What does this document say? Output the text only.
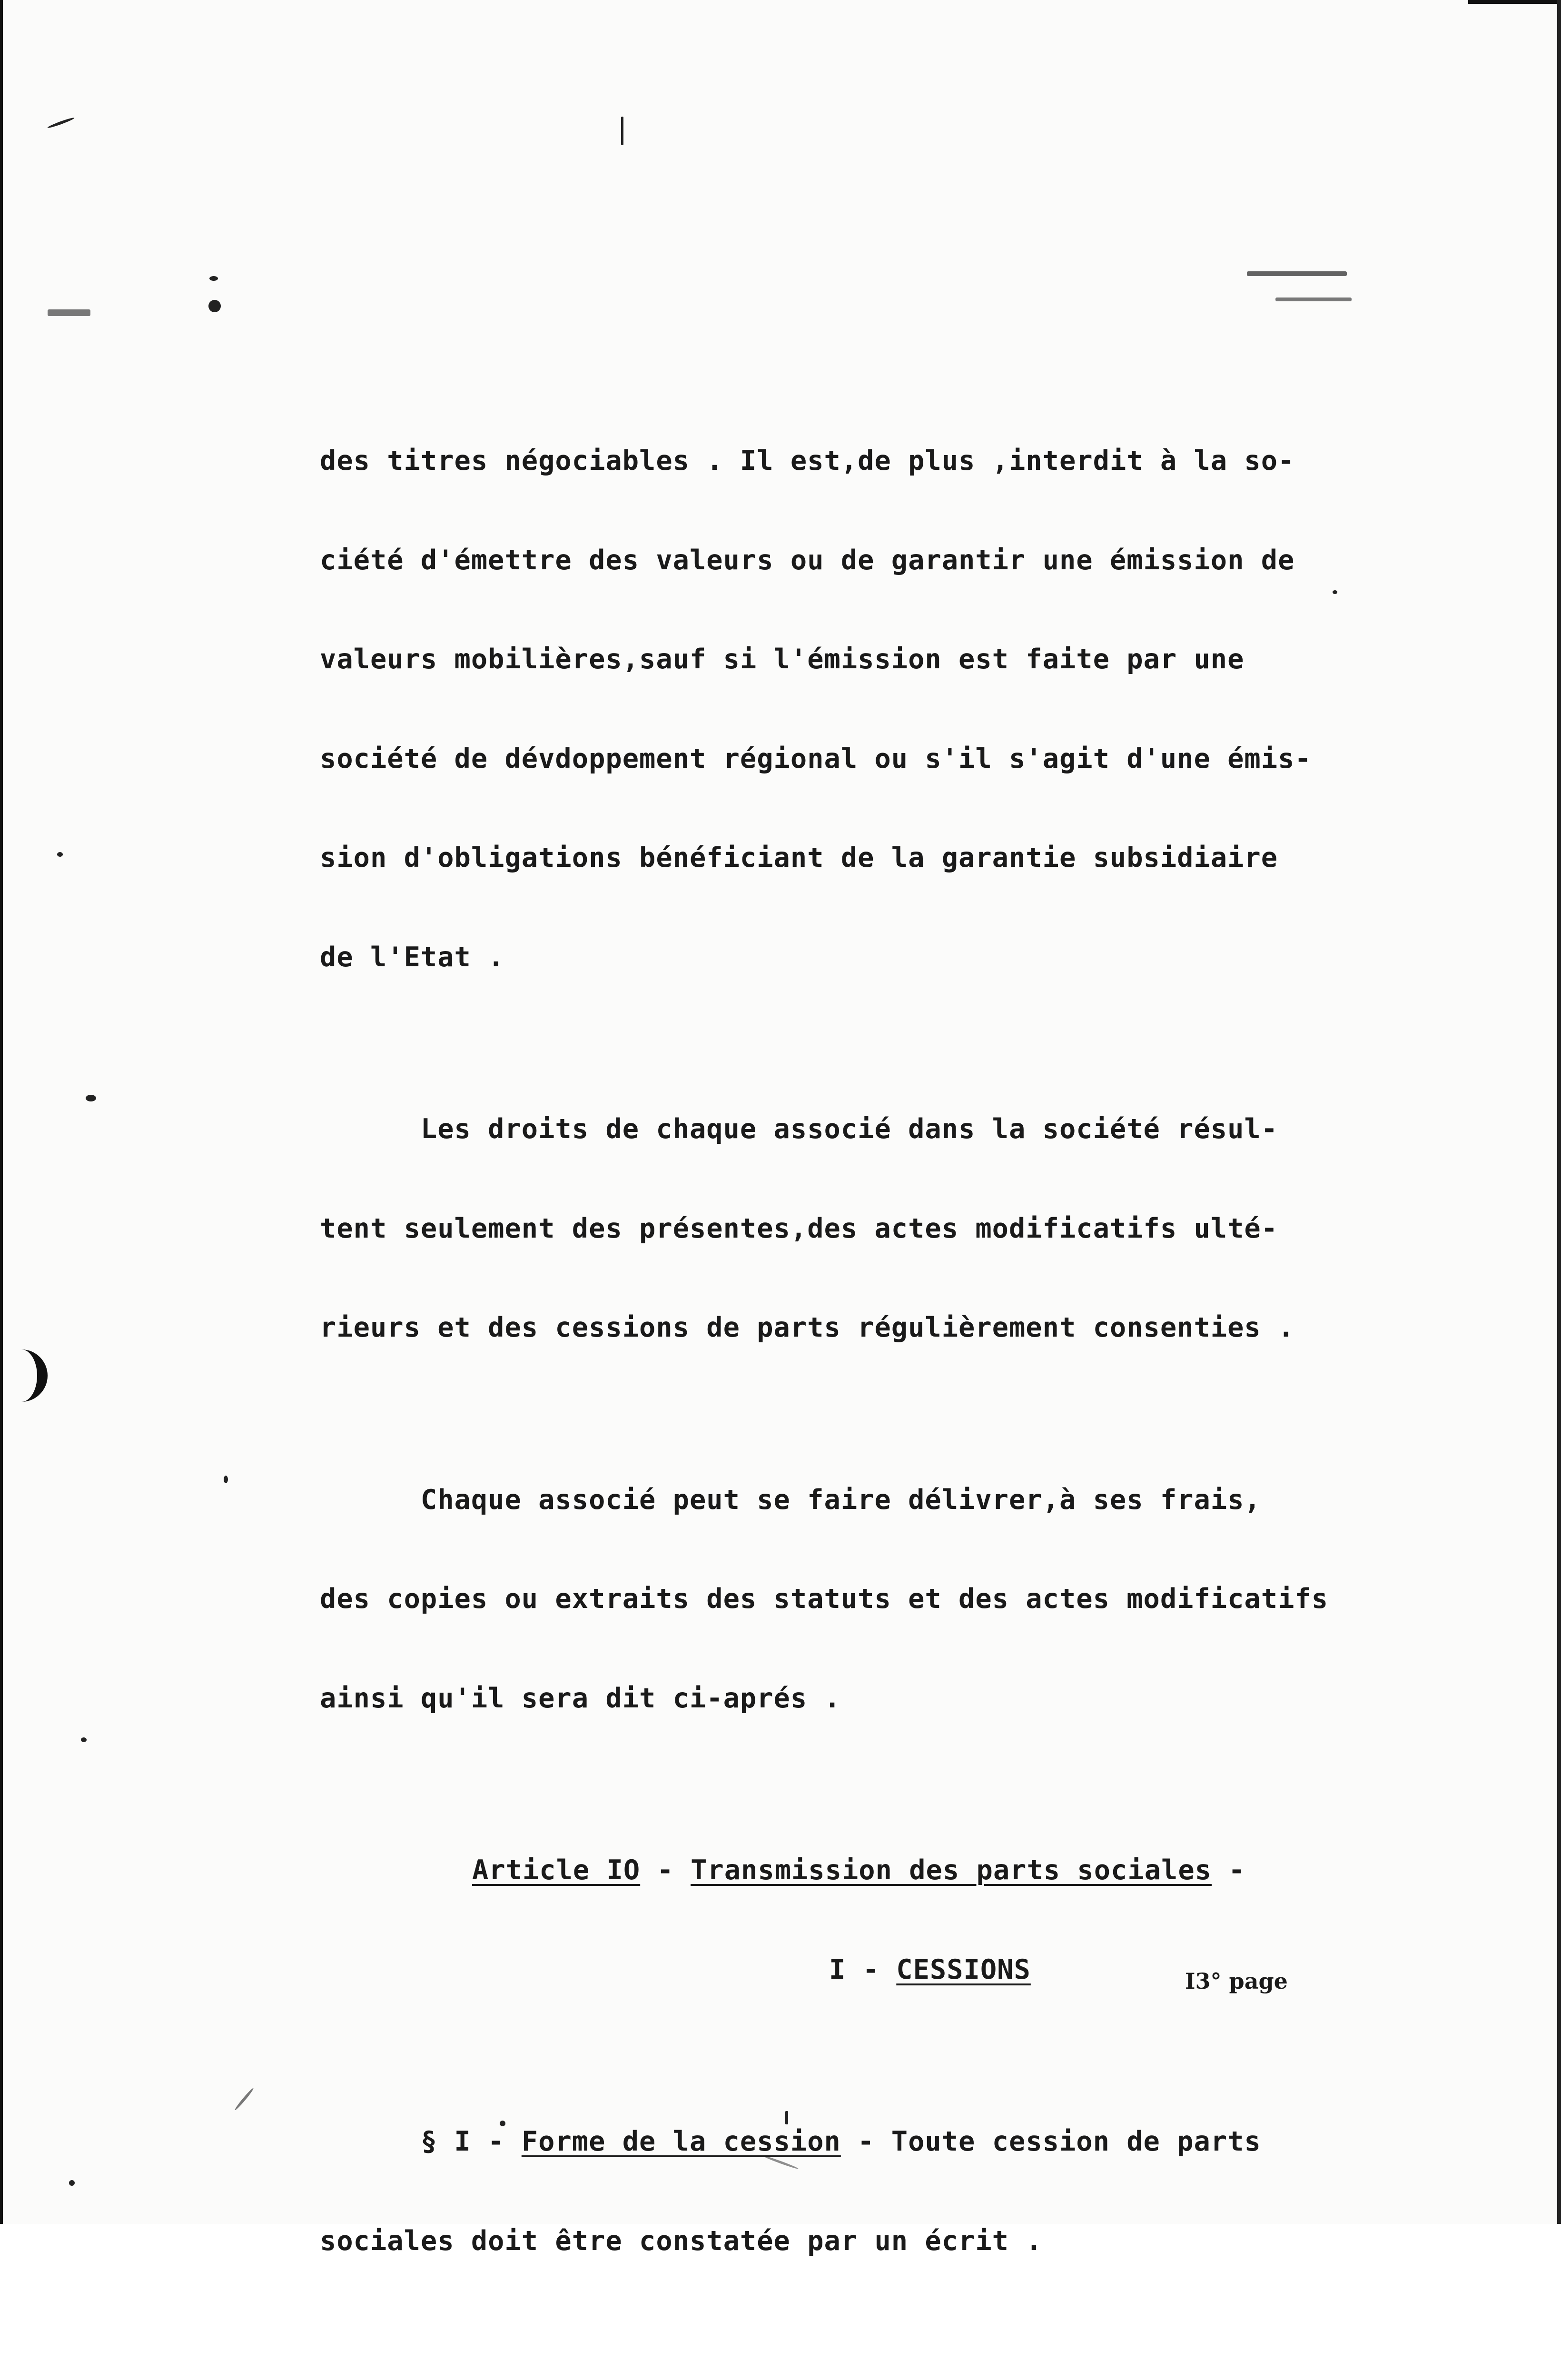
des titres négociables . Il est,de plus ,interdit à la so-

ciété d'émettre des valeurs ou de garantir une émission de

valeurs mobilières,sauf si l'émission est faite par une

société de dévdoppement régional ou s'il s'agit d'une émis-

sion d'obligations bénéficiant de la garantie subsidiaire

de l'Etat .

Les droits de chaque associé dans la société résul-

tent seulement des présentes,des actes modificatifs ulté-

rieurs et des cessions de parts régulièrement consenties .

Chaque associé peut se faire délivrer,à ses frais,

des copies ou extraits des statuts et des actes modificatifs

ainsi qu'il sera dit ci-aprés .

Article IO - Transmission des parts sociales -

I - CESSIONS

§ I - Forme de la cession - Toute cession de parts

sociales doit être constatée par un écrit .

I3° page
